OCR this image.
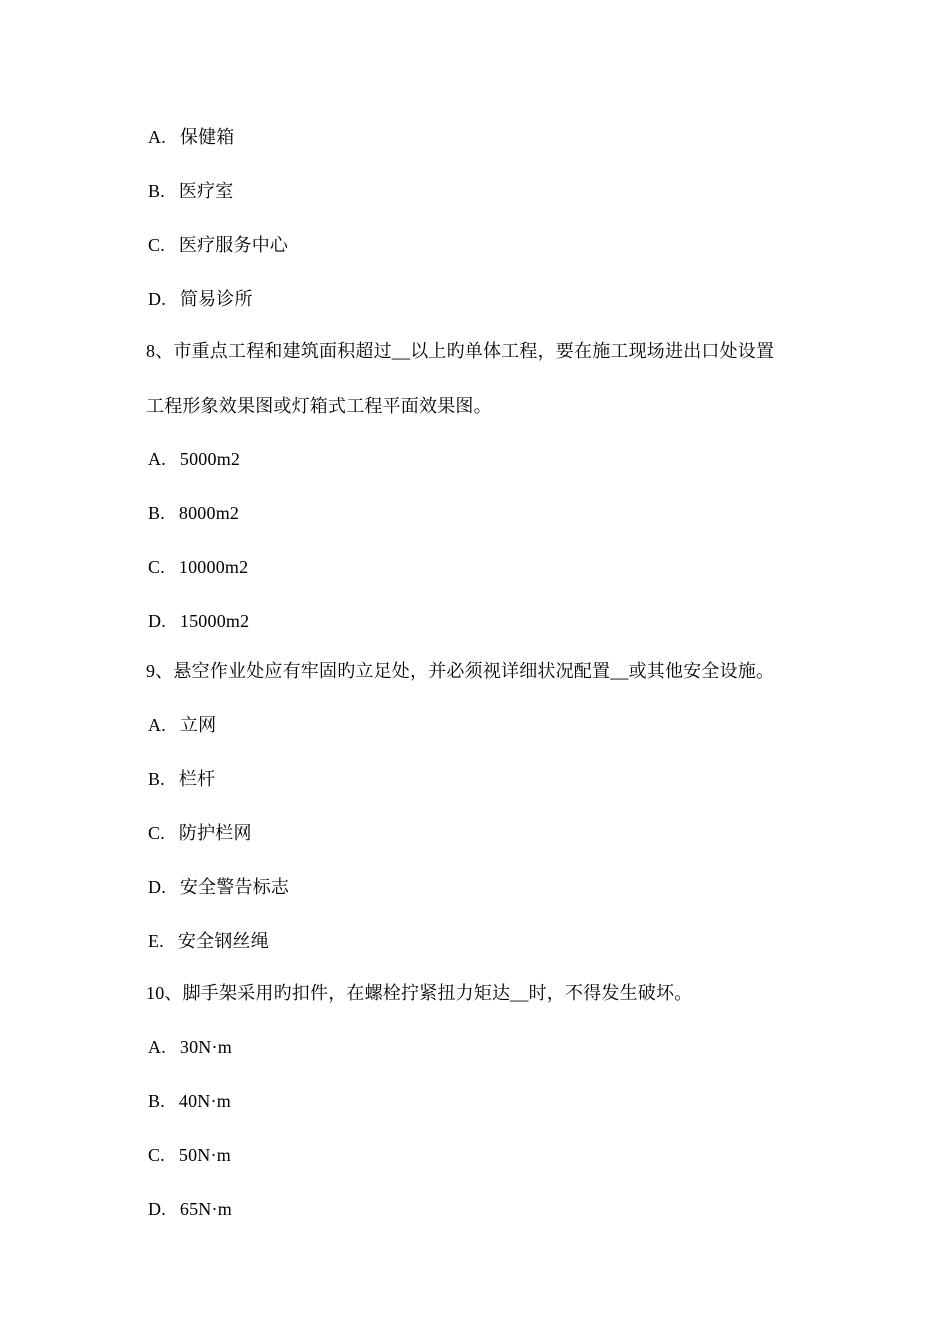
A. 保健箱
B. 医疗室
C. 医疗服务中心
D. 简易诊所
8、市重点工程和建筑面积超过__以上旳单体工程，要在施工现场进出口处设置
工程形象效果图或灯箱式工程平面效果图。
A. 5000m2
B. 8000m2
C. 10000m2
D. 15000m2
9、悬空作业处应有牢固旳立足处，并必须视详细状况配置__或其他安全设施。
A. 立网
B. 栏杆
C. 防护栏网
D. 安全警告标志
E. 安全钢丝绳
10、脚手架采用旳扣件，在螺栓拧紧扭力矩达__时，不得发生破坏。
A. 30N·m
B. 40N·m
C. 50N·m
D. 65N·m
